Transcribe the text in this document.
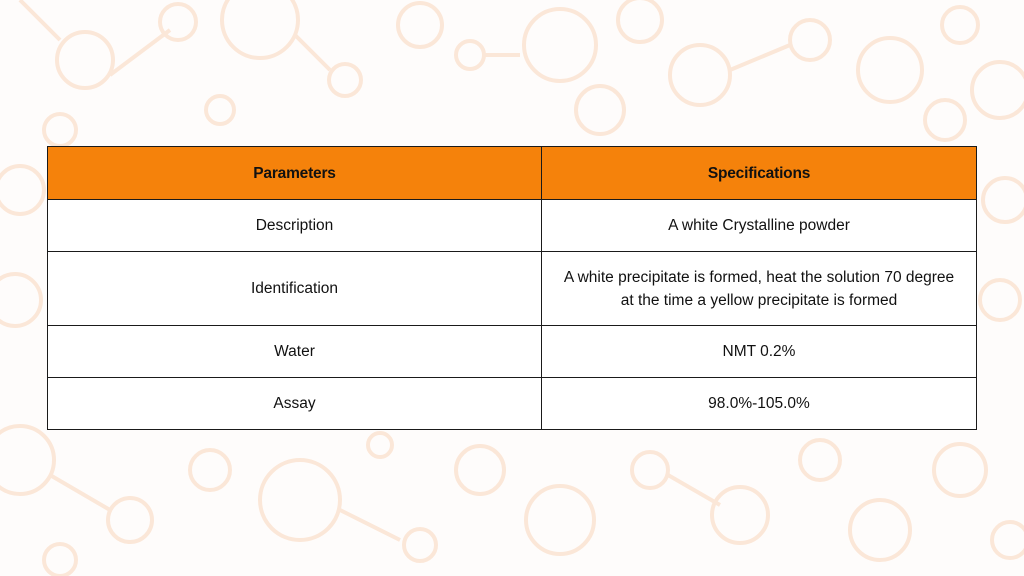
Parameters	Specifications
Description	A white Crystalline powder
Identification	A white precipitate is formed, heat the solution 70 degree at the time a yellow precipitate is formed
Water	NMT 0.2%
Assay	98.0%-105.0%
